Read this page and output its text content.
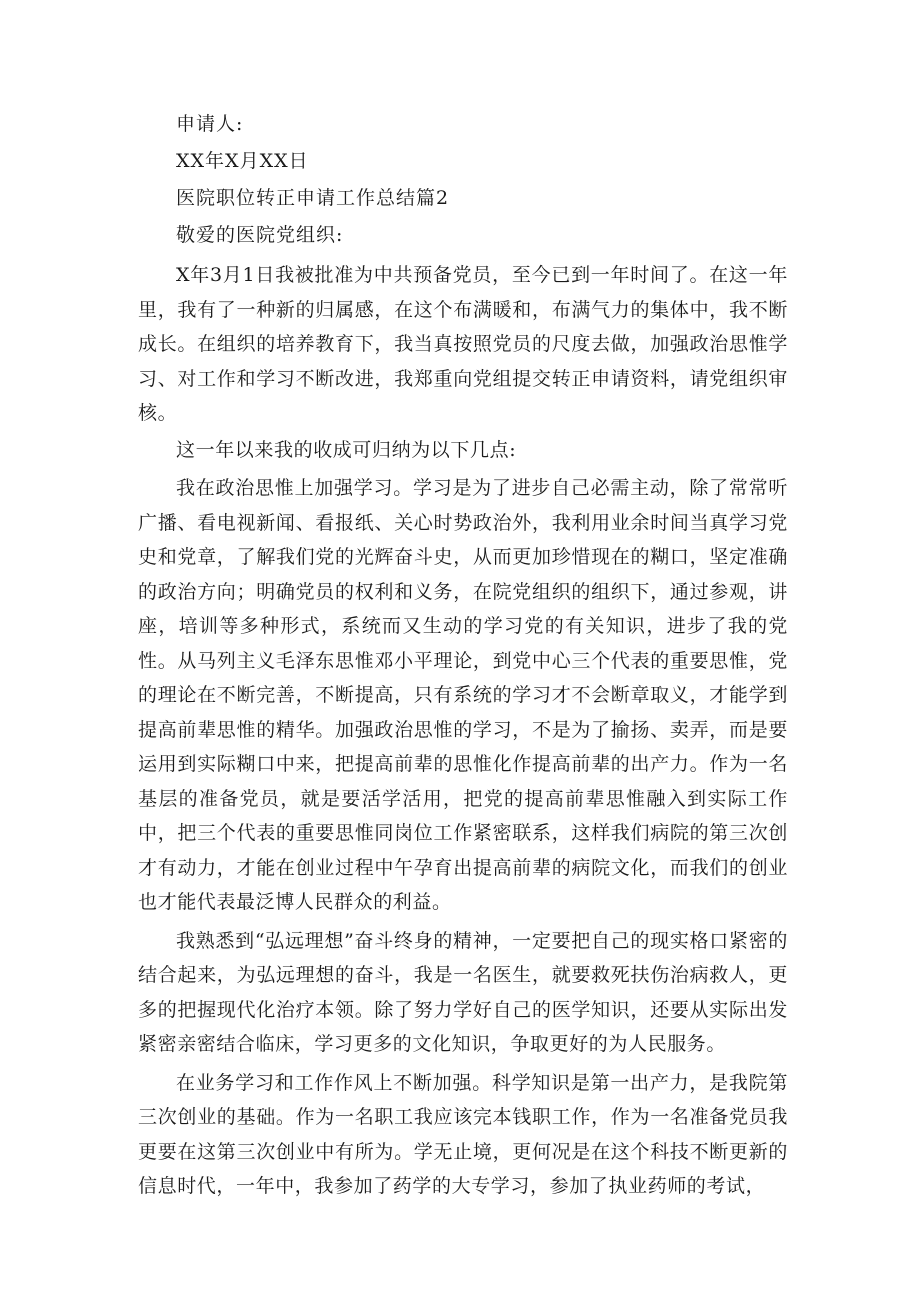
申请人:
XX年X月XX日
医院职位转正申请工作总结篇2
敬爱的医院党组织:

X年3月1日我被批准为中共预备党员，至今已到一年时间了。在这一年里，我有了一种新的归属感，在这个布满暖和，布满气力的集体中，我不断成长。在组织的培养教育下，我当真按照党员的尺度去做，加强政治思惟学习、对工作和学习不断改进，我郑重向党组提交转正申请资料，请党组织审核。

这一年以来我的收成可归纳为以下几点:

我在政治思惟上加强学习。学习是为了进步自己必需主动，除了常常听广播、看电视新闻、看报纸、关心时势政治外，我利用业余时间当真学习党史和党章，了解我们党的光辉奋斗史，从而更加珍惜现在的糊口，坚定准确的政治方向；明确党员的权利和义务，在院党组织的组织下，通过参观，讲座，培训等多种形式，系统而又生动的学习党的有关知识，进步了我的党性。从马列主义毛泽东思惟邓小平理论，到党中心三个代表的重要思惟，党的理论在不断完善，不断提高，只有系统的学习才不会断章取义，才能学到提高前辈思惟的精华。加强政治思惟的学习，不是为了揄扬、卖弄，而是要运用到实际糊口中来，把提高前辈的思惟化作提高前辈的出产力。作为一名基层的准备党员，就是要活学活用，把党的提高前辈思惟融入到实际工作中，把三个代表的重要思惟同岗位工作紧密联系，这样我们病院的第三次创才有动力，才能在创业过程中午孕育出提高前辈的病院文化，而我们的创业也才能代表最泛博人民群众的利益。

我熟悉到“弘远理想”奋斗终身的精神，一定要把自己的现实格口紧密的结合起来，为弘远理想的奋斗，我是一名医生，就要救死扶伤治病救人，更多的把握现代化治疗本领。除了努力学好自己的医学知识，还要从实际出发紧密亲密结合临床，学习更多的文化知识，争取更好的为人民服务。

在业务学习和工作作风上不断加强。科学知识是第一出产力，是我院第三次创业的基础。作为一名职工我应该完本钱职工作，作为一名准备党员我更要在这第三次创业中有所为。学无止境，更何况是在这个科技不断更新的信息时代，一年中，我参加了药学的大专学习，参加了执业药师的考试，
